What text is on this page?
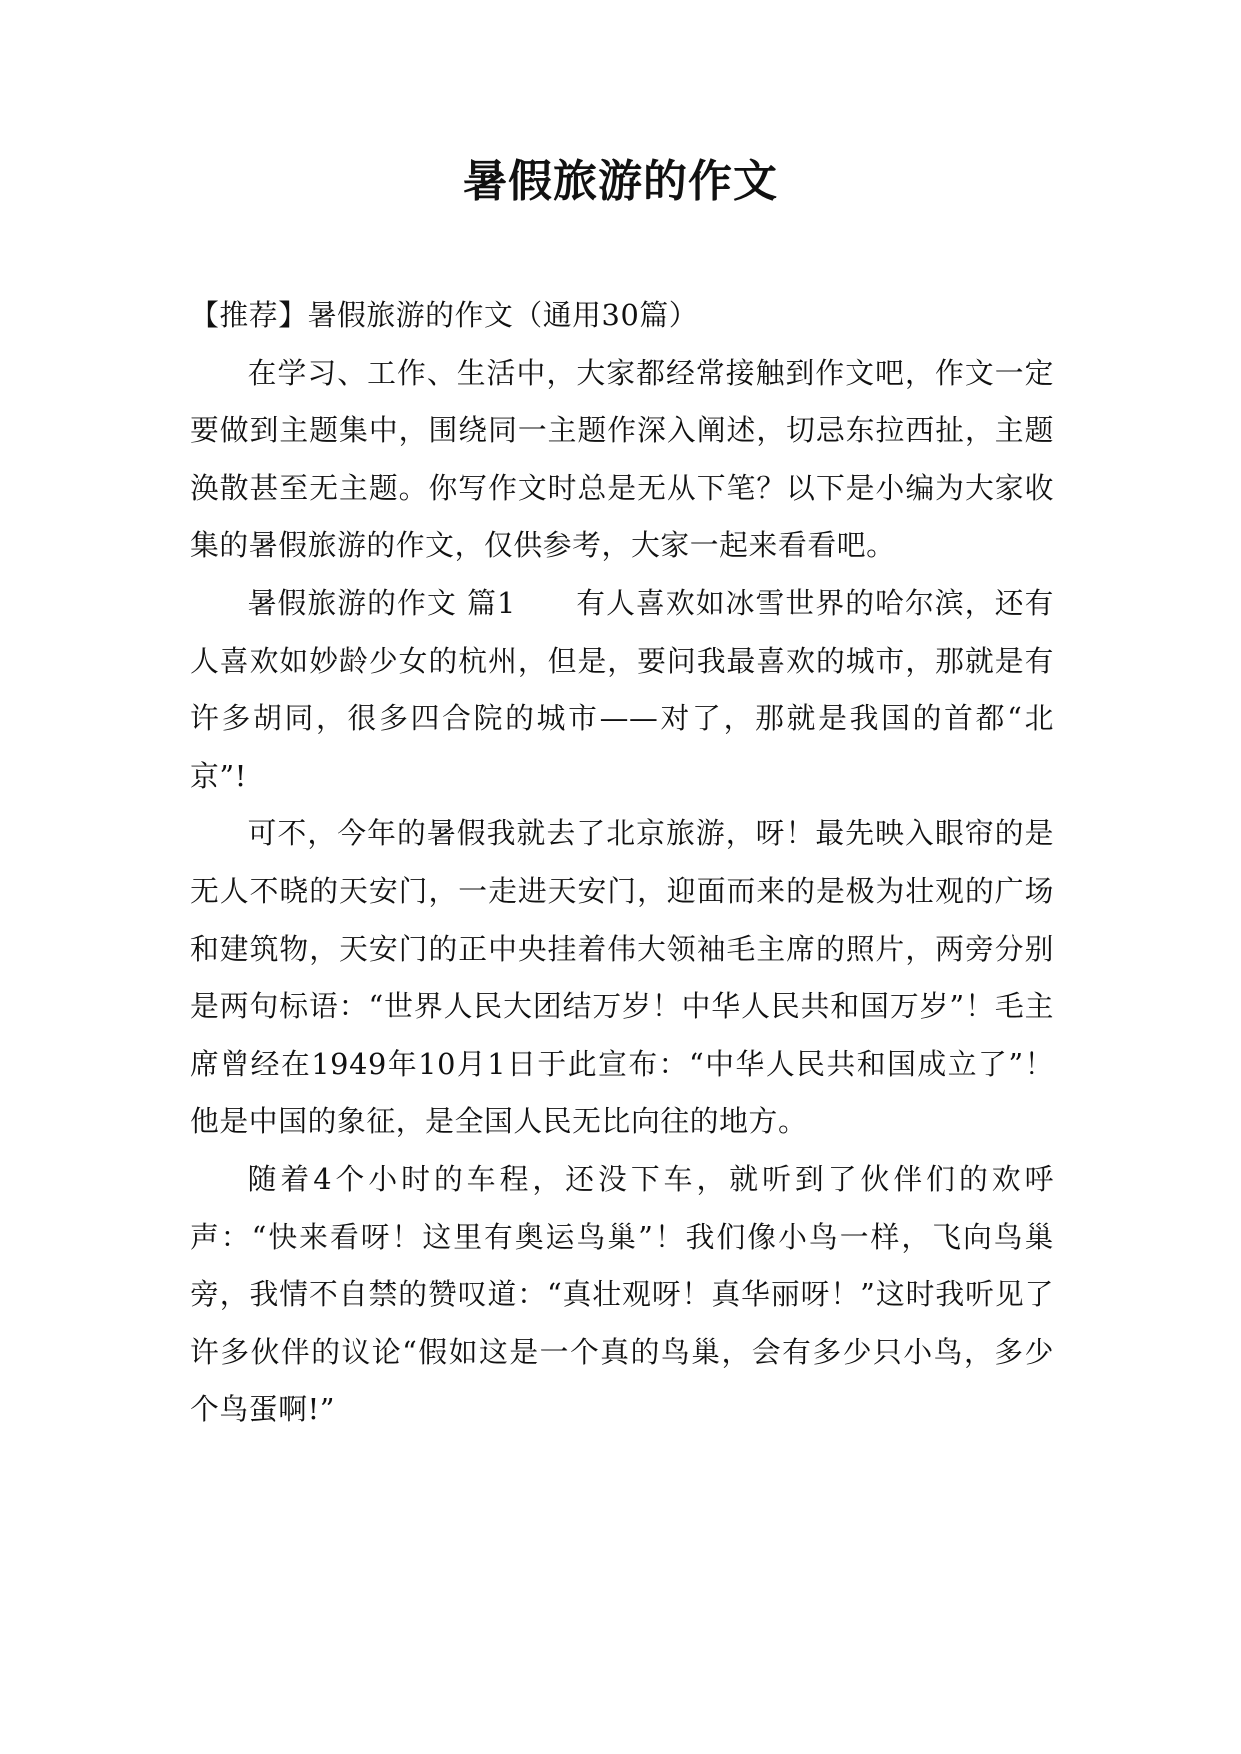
暑假旅游的作文

【推荐】暑假旅游的作文（通用30篇）

在学习、工作、生活中，大家都经常接触到作文吧，作文一定要做到主题集中，围绕同一主题作深入阐述，切忌东拉西扯，主题涣散甚至无主题。你写作文时总是无从下笔？以下是小编为大家收集的暑假旅游的作文，仅供参考，大家一起来看看吧。

暑假旅游的作文 篇1　　有人喜欢如冰雪世界的哈尔滨，还有人喜欢如妙龄少女的杭州，但是，要问我最喜欢的城市，那就是有许多胡同，很多四合院的城市——对了，那就是我国的首都“北京”!

可不，今年的暑假我就去了北京旅游，呀！最先映入眼帘的是无人不晓的天安门，一走进天安门，迎面而来的是极为壮观的广场和建筑物，天安门的正中央挂着伟大领袖毛主席的照片，两旁分别是两句标语：“世界人民大团结万岁！中华人民共和国万岁”！毛主席曾经在1949年10月1日于此宣布：“中华人民共和国成立了”！他是中国的象征，是全国人民无比向往的地方。

随着4个小时的车程，还没下车，就听到了伙伴们的欢呼声：“快来看呀！这里有奥运鸟巢”！我们像小鸟一样，飞向鸟巢旁，我情不自禁的赞叹道：“真壮观呀！真华丽呀！”这时我听见了许多伙伴的议论“假如这是一个真的鸟巢，会有多少只小鸟，多少个鸟蛋啊!”
